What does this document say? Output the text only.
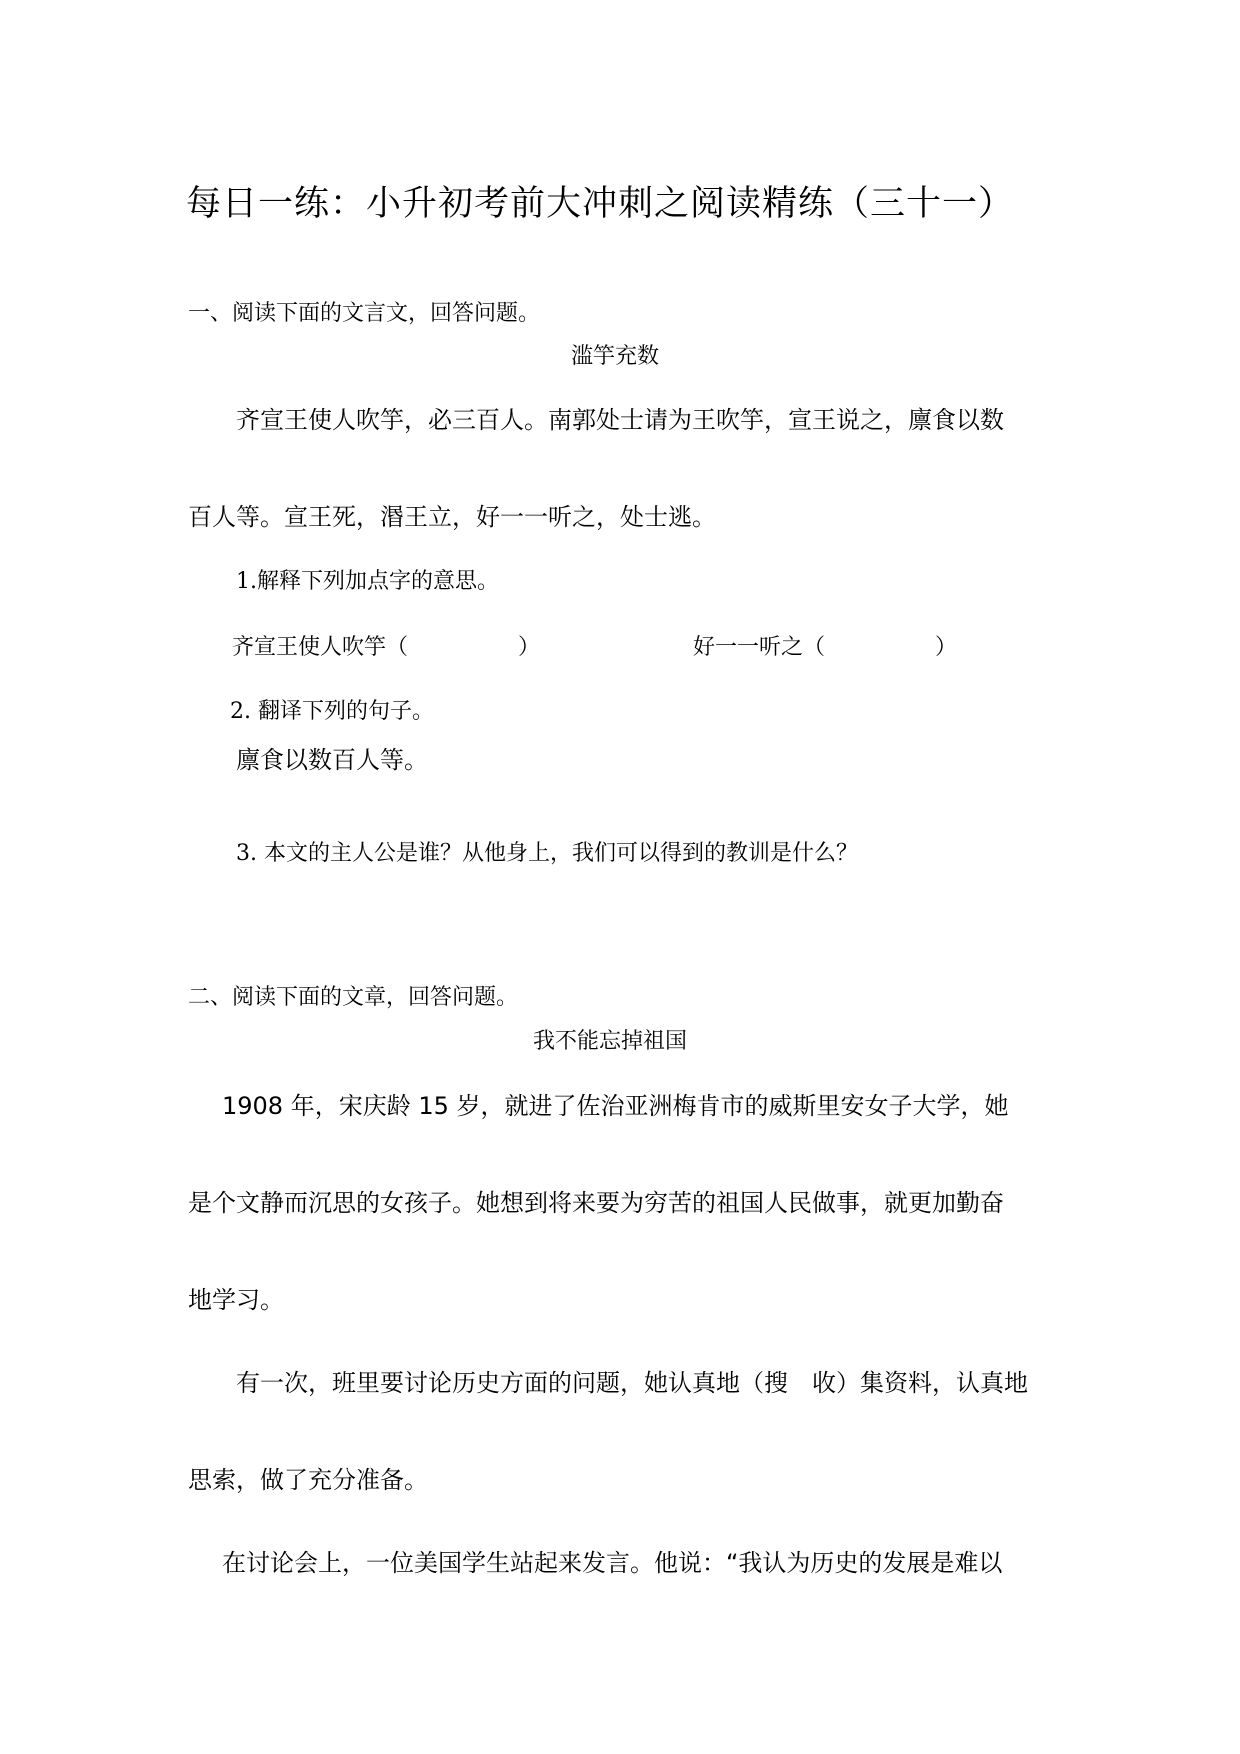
每日一练：小升初考前大冲刺之阅读精练（三十一）
一、阅读下面的文言文，回答问题。
滥竽充数
齐宣王使人吹竽，必三百人。南郭处士请为王吹竽，宣王说之，廪食以数
百人等。宣王死，湣王立，好一一听之，处士逃。
1.解释下列加点字的意思。
齐宣王使人吹竽（　　　　　）	好一一听之（　　　　　）
2. 翻译下列的句子。
廪食以数百人等。
3. 本文的主人公是谁？从他身上，我们可以得到的教训是什么？
二、阅读下面的文章，回答问题。
我不能忘掉祖国
1908 年，宋庆龄 15 岁，就进了佐治亚洲梅肯市的威斯里安女子大学，她
是个文静而沉思的女孩子。她想到将来要为穷苦的祖国人民做事，就更加勤奋
地学习。
有一次，班里要讨论历史方面的问题，她认真地（搜　收）集资料，认真地
思索，做了充分准备。
在讨论会上，一位美国学生站起来发言。他说：“我认为历史的发展是难以
